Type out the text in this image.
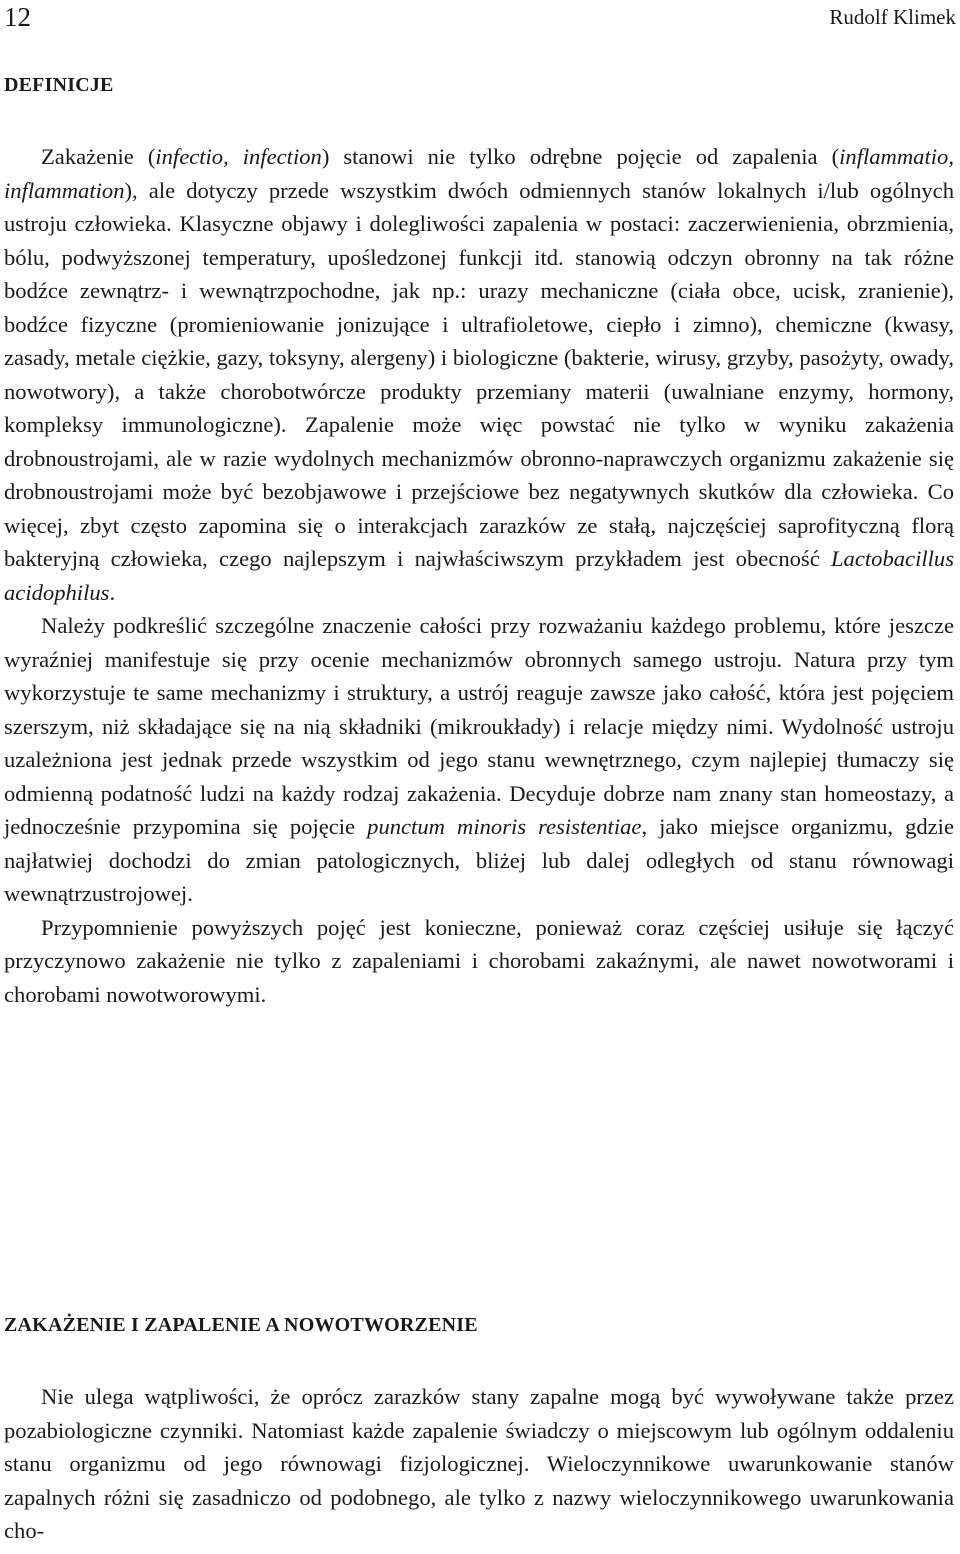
12	Rudolf Klimek
DEFINICJE

Zakażenie (infectio, infection) stanowi nie tylko odrębne pojęcie od zapalenia (inflammatio, inflammation), ale dotyczy przede wszystkim dwóch odmiennych stanów lokalnych i/lub ogólnych ustroju człowieka. Klasyczne objawy i dolegliwości zapalenia w postaci: zaczerwienienia, obrzmienia, bólu, podwyższonej temperatury, upośledzonej funkcji itd. stanowią odczyn obronny na tak różne bodźce zewnątrz- i wewnątrzpochodne, jak np.: urazy mechaniczne (ciała obce, ucisk, zranienie), bodźce fizyczne (promieniowanie jonizujące i ultrafioletowe, ciepło i zimno), chemiczne (kwasy, zasady, metale ciężkie, gazy, toksyny, alergeny) i biologiczne (bakterie, wirusy, grzyby, pasożyty, owady, nowotwory), a także chorobotwórcze produkty przemiany materii (uwalniane enzymy, hormony, kompleksy immunologiczne). Zapalenie może więc powstać nie tylko w wyniku zakażenia drobnoustrojami, ale w razie wydolnych mechanizmów obronno-naprawczych organizmu zakażenie się drobnoustrojami może być bezobjawowe i przejściowe bez negatywnych skutków dla człowieka. Co więcej, zbyt często zapomina się o interakcjach zarazków ze stałą, najczęściej saprofityczną florą bakteryjną człowieka, czego najlepszym i najwłaściwszym przykładem jest obecność Lactobacillus acidophilus.

Należy podkreślić szczególne znaczenie całości przy rozważaniu każdego problemu, które jeszcze wyraźniej manifestuje się przy ocenie mechanizmów obronnych samego ustroju. Natura przy tym wykorzystuje te same mechanizmy i struktury, a ustrój reaguje zawsze jako całość, która jest pojęciem szerszym, niż składające się na nią składniki (mikroukłady) i relacje między nimi. Wydolność ustroju uzależniona jest jednak przede wszystkim od jego stanu wewnętrznego, czym najlepiej tłumaczy się odmienną podatność ludzi na każdy rodzaj zakażenia. Decyduje dobrze nam znany stan homeostazy, a jednocześnie przypomina się pojęcie punctum minoris resistentiae, jako miejsce organizmu, gdzie najłatwiej dochodzi do zmian patologicznych, bliżej lub dalej odległych od stanu równowagi wewnątrzustrojowej.

Przypomnienie powyższych pojęć jest konieczne, ponieważ coraz częściej usiłuje się łączyć przyczynowo zakażenie nie tylko z zapaleniami i chorobami zakaźnymi, ale nawet nowotworami i chorobami nowotworowymi.

ZAKAŻENIE I ZAPALENIE A NOWOTWORZENIE

Nie ulega wątpliwości, że oprócz zarazków stany zapalne mogą być wywoływane także przez pozabiologiczne czynniki. Natomiast każde zapalenie świadczy o miejscowym lub ogólnym oddaleniu stanu organizmu od jego równowagi fizjologicznej. Wieloczynnikowe uwarunkowanie stanów zapalnych różni się zasadniczo od podobnego, ale tylko z nazwy wieloczynnikowego uwarunkowania cho-
